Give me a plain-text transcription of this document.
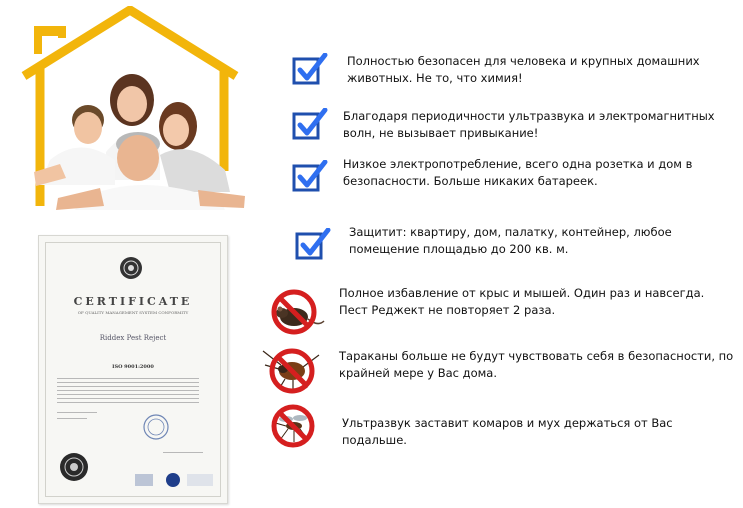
CERTIFICATE
OF QUALITY MANAGEMENT SYSTEM CONFORMITY
Riddex Pest Reject
ISO 9001:2000
Полностью безопасен для человека и крупных домашних животных. Не то, что химия!
Благодаря периодичности ультразвука и электромагнитных волн, не вызывает привыкание!
Низкое электропотребление, всего одна розетка и дом в безопасности. Больше никаких батареек.
Защитит: квартиру, дом, палатку, контейнер, любое помещение площадью до 200 кв. м.
Полное избавление от крыс и мышей. Один раз и навсегда. Пест Реджект не повторяет 2 раза.
Тараканы больше не будут чувствовать себя в безопасности, по крайней мере у Вас дома.
Ультразвук заставит комаров и мух держаться от Вас подальше.
